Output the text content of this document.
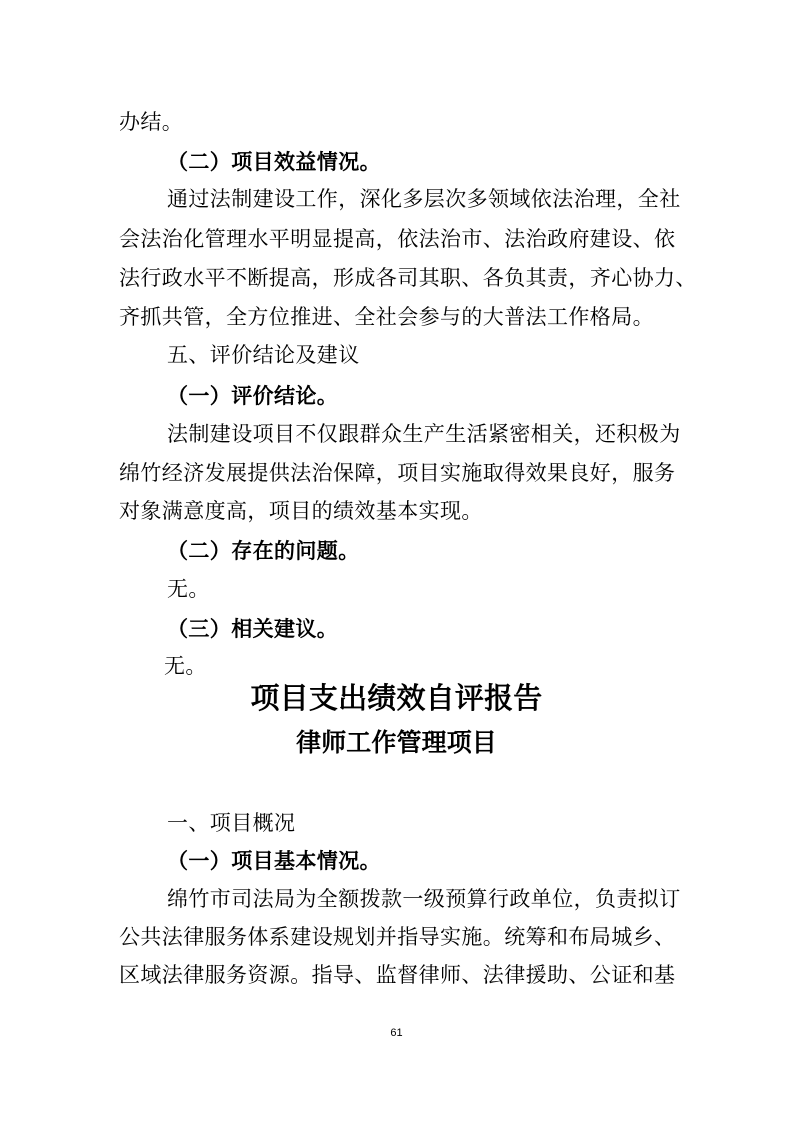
办结。

（二）项目效益情况。

通过法制建设工作，深化多层次多领域依法治理，全社

会法治化管理水平明显提高，依法治市、法治政府建设、依

法行政水平不断提高，形成各司其职、各负其责，齐心协力、

齐抓共管，全方位推进、全社会参与的大普法工作格局。

五、评价结论及建议

（一）评价结论。

法制建设项目不仅跟群众生产生活紧密相关，还积极为

绵竹经济发展提供法治保障，项目实施取得效果良好，服务

对象满意度高，项目的绩效基本实现。

（二）存在的问题。

无。

（三）相关建议。

无。

项目支出绩效自评报告
律师工作管理项目

一、项目概况

（一）项目基本情况。

绵竹市司法局为全额拨款一级预算行政单位，负责拟订

公共法律服务体系建设规划并指导实施。统筹和布局城乡、

区域法律服务资源。指导、监督律师、法律援助、公证和基

61
